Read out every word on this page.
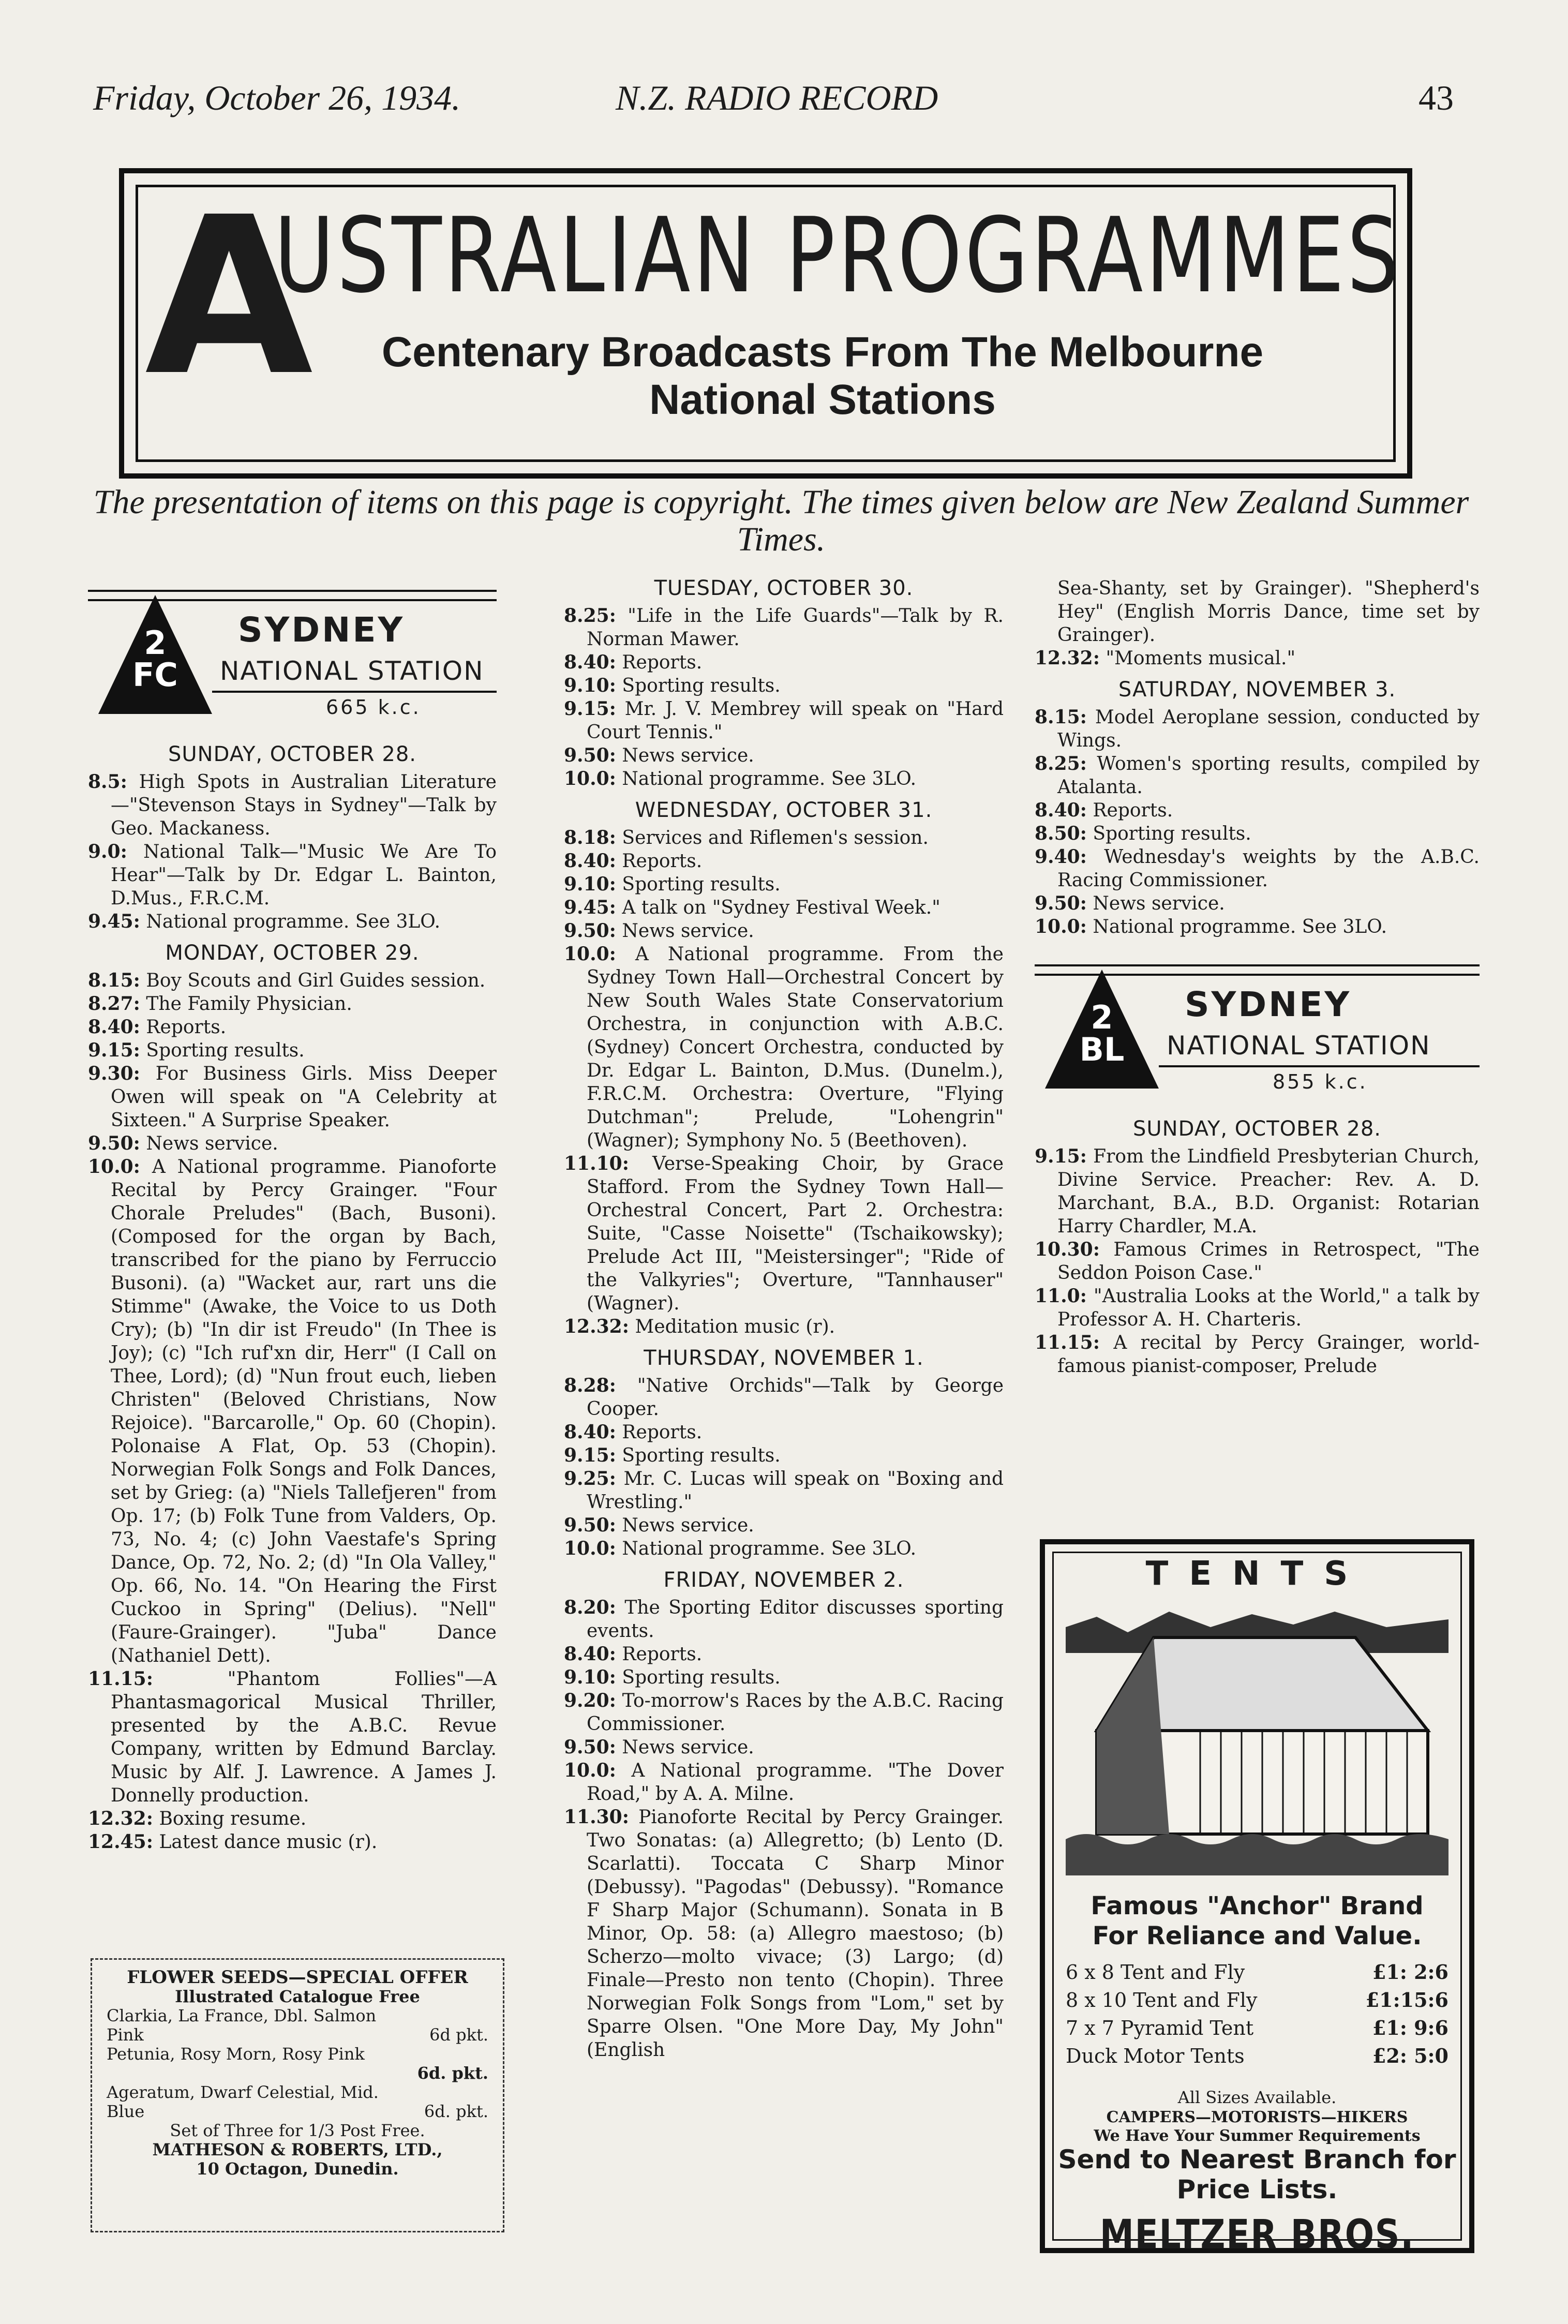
Friday, October 26, 1934.	N.Z. RADIO RECORD	43
A
USTRALIAN PROGRAMMES
Centenary Broadcasts From The Melbourne
National Stations
The presentation of items on this page is copyright. The times given below are New Zealand Summer Times.
2 FC
SYDNEY
NATIONAL STATION
665 k.c.
SUNDAY, OCTOBER 28.

8.5: High Spots in Australian Literature—"Stevenson Stays in Sydney"—Talk by Geo. Mackaness.

9.0: National Talk—"Music We Are To Hear"—Talk by Dr. Edgar L. Bainton, D.Mus., F.R.C.M.

9.45: National programme. See 3LO.

MONDAY, OCTOBER 29.

8.15: Boy Scouts and Girl Guides session.

8.27: The Family Physician.

8.40: Reports.

9.15: Sporting results.

9.30: For Business Girls. Miss Deeper Owen will speak on "A Celebrity at Sixteen." A Surprise Speaker.

9.50: News service.

10.0: A National programme. Pianoforte Recital by Percy Grainger. "Four Chorale Preludes" (Bach, Busoni). (Composed for the organ by Bach, transcribed for the piano by Ferruccio Busoni). (a) "Wacket aur, rart uns die Stimme" (Awake, the Voice to us Doth Cry); (b) "In dir ist Freudo" (In Thee is Joy); (c) "Ich ruf'xn dir, Herr" (I Call on Thee, Lord); (d) "Nun frout euch, lieben Christen" (Beloved Christians, Now Rejoice). "Barcarolle," Op. 60 (Chopin). Polonaise A Flat, Op. 53 (Chopin). Norwegian Folk Songs and Folk Dances, set by Grieg: (a) "Niels Tallefjeren" from Op. 17; (b) Folk Tune from Valders, Op. 73, No. 4; (c) John Vaestafe's Spring Dance, Op. 72, No. 2; (d) "In Ola Valley," Op. 66, No. 14. "On Hearing the First Cuckoo in Spring" (Delius). "Nell" (Faure-Grainger). "Juba" Dance (Nathaniel Dett).

11.15: "Phantom Follies"—A Phantasmagorical Musical Thriller, presented by the A.B.C. Revue Company, written by Edmund Barclay. Music by Alf. J. Lawrence. A James J. Donnelly production.

12.32: Boxing resume.

12.45: Latest dance music (r).

FLOWER SEEDS—SPECIAL OFFER
Illustrated Catalogue Free
Clarkia, La France, Dbl. Salmon
Pink	6d pkt.
Petunia, Rosy Morn, Rosy Pink
6d. pkt.
Ageratum, Dwarf Celestial, Mid.
Blue	6d. pkt.
Set of Three for 1/3 Post Free.
MATHESON & ROBERTS, LTD.,
10 Octagon, Dunedin.
TUESDAY, OCTOBER 30.

8.25: "Life in the Life Guards"—Talk by R. Norman Mawer.

8.40: Reports.

9.10: Sporting results.

9.15: Mr. J. V. Membrey will speak on "Hard Court Tennis."

9.50: News service.

10.0: National programme. See 3LO.

WEDNESDAY, OCTOBER 31.

8.18: Services and Riflemen's session.

8.40: Reports.

9.10: Sporting results.

9.45: A talk on "Sydney Festival Week."

9.50: News service.

10.0: A National programme. From the Sydney Town Hall—Orchestral Concert by New South Wales State Conservatorium Orchestra, in conjunction with A.B.C. (Sydney) Concert Orchestra, conducted by Dr. Edgar L. Bainton, D.Mus. (Dunelm.), F.R.C.M. Orchestra: Overture, "Flying Dutchman"; Prelude, "Lohengrin" (Wagner); Symphony No. 5 (Beethoven).

11.10: Verse-Speaking Choir, by Grace Stafford. From the Sydney Town Hall—Orchestral Concert, Part 2. Orchestra: Suite, "Casse Noisette" (Tschaikowsky); Prelude Act III, "Meistersinger"; "Ride of the Valkyries"; Overture, "Tannhauser" (Wagner).

12.32: Meditation music (r).

THURSDAY, NOVEMBER 1.

8.28: "Native Orchids"—Talk by George Cooper.

8.40: Reports.

9.15: Sporting results.

9.25: Mr. C. Lucas will speak on "Boxing and Wrestling."

9.50: News service.

10.0: National programme. See 3LO.

FRIDAY, NOVEMBER 2.

8.20: The Sporting Editor discusses sporting events.

8.40: Reports.

9.10: Sporting results.

9.20: To-morrow's Races by the A.B.C. Racing Commissioner.

9.50: News service.

10.0: A National programme. "The Dover Road," by A. A. Milne.

11.30: Pianoforte Recital by Percy Grainger. Two Sonatas: (a) Allegretto; (b) Lento (D. Scarlatti). Toccata C Sharp Minor (Debussy). "Pagodas" (Debussy). "Romance F Sharp Major (Schumann). Sonata in B Minor, Op. 58: (a) Allegro maestoso; (b) Scherzo—molto vivace; (3) Largo; (d) Finale—Presto non tento (Chopin). Three Norwegian Folk Songs from "Lom," set by Sparre Olsen. "One More Day, My John" (English

Sea-Shanty, set by Grainger). "Shepherd's Hey" (English Morris Dance, time set by Grainger).

12.32: "Moments musical."

SATURDAY, NOVEMBER 3.

8.15: Model Aeroplane session, conducted by Wings.

8.25: Women's sporting results, compiled by Atalanta.

8.40: Reports.

8.50: Sporting results.

9.40: Wednesday's weights by the A.B.C. Racing Commissioner.

9.50: News service.

10.0: National programme. See 3LO.

2 BL
SYDNEY
NATIONAL STATION
855 k.c.
SUNDAY, OCTOBER 28.

9.15: From the Lindfield Presbyterian Church, Divine Service. Preacher: Rev. A. D. Marchant, B.A., B.D. Organist: Rotarian Harry Chardler, M.A.

10.30: Famous Crimes in Retrospect, "The Seddon Poison Case."

11.0: "Australia Looks at the World," a talk by Professor A. H. Charteris.

11.15: A recital by Percy Grainger, world-famous pianist-composer, Prelude

TENTS
Famous "Anchor" Brand
For Reliance and Value.
6 x 8 Tent and Fly	£1: 2:6
8 x 10 Tent and Fly	£1:15:6
7 x 7 Pyramid Tent	£1: 9:6
Duck Motor Tents	£2: 5:0
All Sizes Available.
CAMPERS—MOTORISTS—HIKERS
We Have Your Summer Requirements
Send to Nearest Branch for
Price Lists.
MELTZER BROS.
